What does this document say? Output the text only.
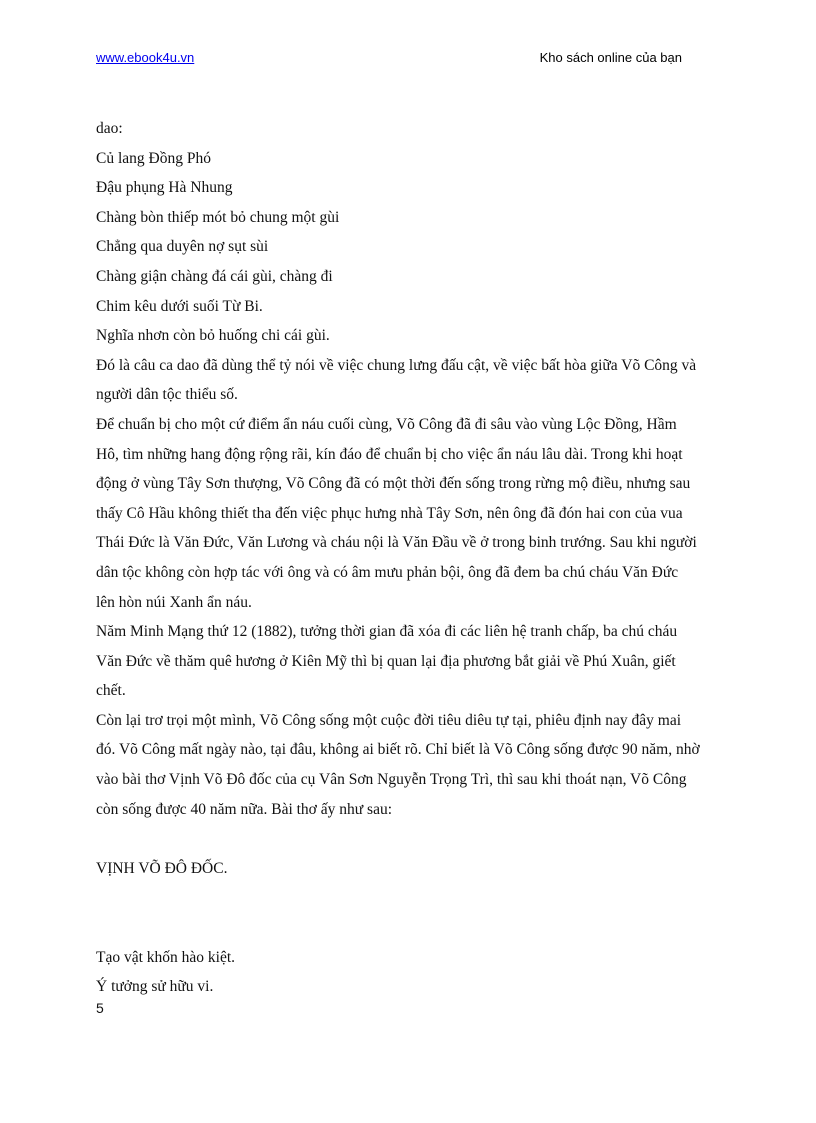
www.ebook4u.vn	Kho sách online của bạn
dao:
Củ lang Đồng Phó
Đậu phụng Hà Nhung
Chàng bòn thiếp mót bỏ chung một gùi
Chẳng qua duyên nợ sụt sùi
Chàng giận chàng đá cái gùi, chàng đi
Chim kêu dưới suối Từ Bi.
Nghĩa nhơn còn bỏ huống chi cái gùi.
Đó là câu ca dao đã dùng thể tỷ nói về việc chung lưng đấu cật, về việc bất hòa giữa Võ Công và
người dân tộc thiểu số.
Để chuẩn bị cho một cứ điểm ẩn náu cuối cùng, Võ Công đã đi sâu vào vùng Lộc Đồng, Hầm
Hô, tìm những hang động rộng rãi, kín đáo để chuẩn bị cho việc ẩn náu lâu dài. Trong khi hoạt
động ở vùng Tây Sơn thượng, Võ Công đã có một thời đến sống trong rừng mộ điều, nhưng sau
thấy Cô Hầu không thiết tha đến việc phục hưng nhà Tây Sơn, nên ông đã đón hai con của vua
Thái Đức là Văn Đức, Văn Lương và cháu nội là Văn Đầu về ở trong binh trướng. Sau khi người
dân tộc không còn hợp tác với ông và có âm mưu phản bội, ông đã đem ba chú cháu Văn Đức
lên hòn núi Xanh ẩn náu.
Năm Minh Mạng thứ 12 (1882), tưởng thời gian đã xóa đi các liên hệ tranh chấp, ba chú cháu
Văn Đức về thăm quê hương ở Kiên Mỹ thì bị quan lại địa phương bắt giải về Phú Xuân, giết
chết.
Còn lại trơ trọi một mình, Võ Công sống một cuộc đời tiêu diêu tự tại, phiêu định nay đây mai
đó. Võ Công mất ngày nào, tại đâu, không ai biết rõ. Chỉ biết là Võ Công sống được 90 năm, nhờ
vào bài thơ Vịnh Võ Đô đốc của cụ Vân Sơn Nguyễn Trọng Trì, thì sau khi thoát nạn, Võ Công
còn sống được 40 năm nữa. Bài thơ ấy như sau:
VỊNH VÕ ĐÔ ĐỐC.
Tạo vật khốn hào kiệt.
Ý tưởng sử hữu vi.
5
